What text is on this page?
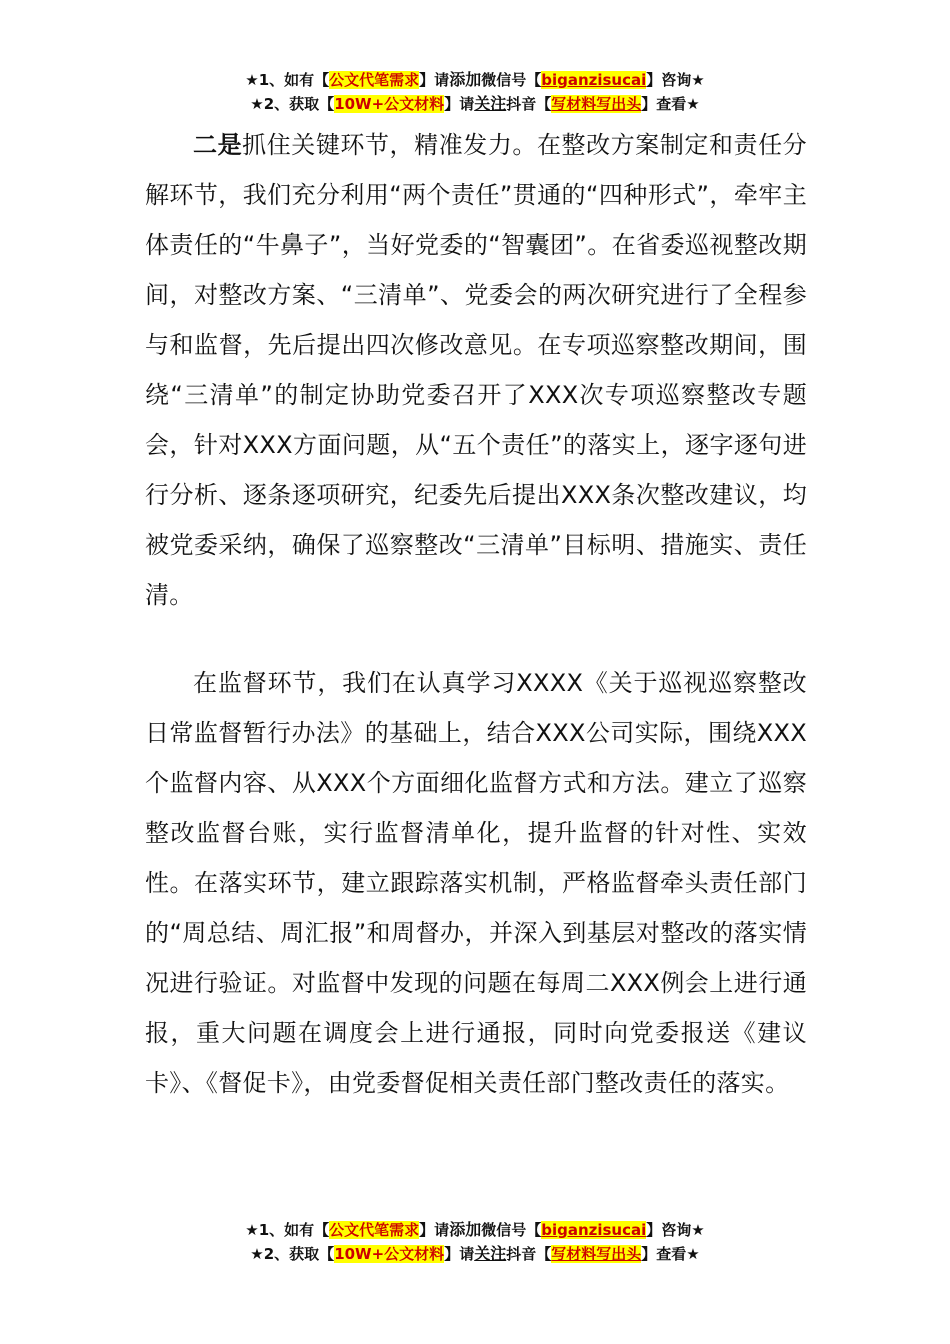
★1、如有【公文代笔需求】请添加微信号【biganzisucai】咨询★
★2、获取【10W+公文材料】请关注抖音【写材料写出头】查看★

二是抓住关键环节，精准发力。在整改方案制定和责任分解环节，我们充分利用“两个责任”贯通的“四种形式”，牵牢主体责任的“牛鼻子”，当好党委的“智囊团”。在省委巡视整改期间，对整改方案、“三清单”、党委会的两次研究进行了全程参与和监督，先后提出四次修改意见。在专项巡察整改期间，围绕“三清单”的制定协助党委召开了XXX次专项巡察整改专题会，针对XXX方面问题，从“五个责任”的落实上，逐字逐句进行分析、逐条逐项研究，纪委先后提出XXX条次整改建议，均被党委采纳，确保了巡察整改“三清单”目标明、措施实、责任清。

在监督环节，我们在认真学习XXXX《关于巡视巡察整改日常监督暂行办法》的基础上，结合XXX公司实际，围绕XXX个监督内容、从XXX个方面细化监督方式和方法。建立了巡察整改监督台账，实行监督清单化，提升监督的针对性、实效性。在落实环节，建立跟踪落实机制，严格监督牵头责任部门的“周总结、周汇报”和周督办，并深入到基层对整改的落实情况进行验证。对监督中发现的问题在每周二XXX例会上进行通报，重大问题在调度会上进行通报，同时向党委报送《建议卡》、《督促卡》，由党委督促相关责任部门整改责任的落实。

★1、如有【公文代笔需求】请添加微信号【biganzisucai】咨询★
★2、获取【10W+公文材料】请关注抖音【写材料写出头】查看★
